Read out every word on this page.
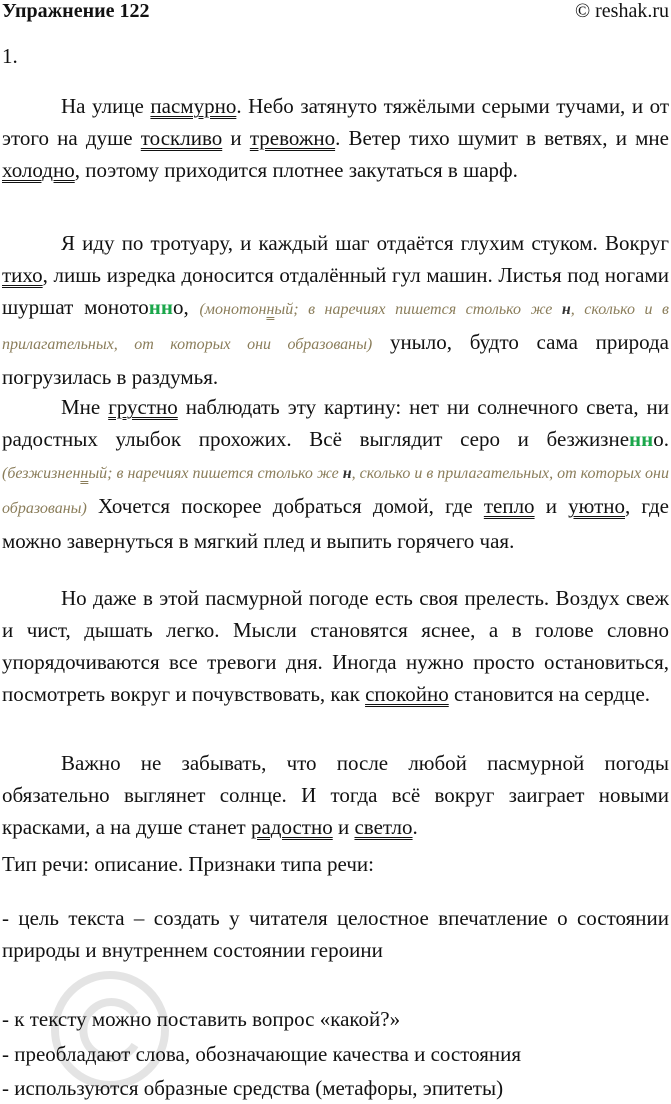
Упражнение 122	© reshak.ru
1.

На улице пасмурно. Небо затянуто тяжёлыми серыми тучами, и от этого на душе тоскливо и тревожно. Ветер тихо шумит в ветвях, и мне холодно, поэтому приходится плотнее закутаться в шарф.

Я иду по тротуару, и каждый шаг отдаётся глухим стуком. Вокруг тихо, лишь изредка доносится отдалённый гул машин. Листья под ногами шуршат монотонно, (монотонный; в наречиях пишется столько же н, сколько и в прилагательных, от которых они образованы) уныло, будто сама природа погрузилась в раздумья.

Мне грустно наблюдать эту картину: нет ни солнечного света, ни радостных улыбок прохожих. Всё выглядит серо и безжизненно. (безжизненный; в наречиях пишется столько же н, сколько и в прилагательных, от которых они образованы) Хочется поскорее добраться домой, где тепло и уютно, где можно завернуться в мягкий плед и выпить горячего чая.

Но даже в этой пасмурной погоде есть своя прелесть. Воздух свеж и чист, дышать легко. Мысли становятся яснее, а в голове словно упорядочиваются все тревоги дня. Иногда нужно просто остановиться, посмотреть вокруг и почувствовать, как спокойно становится на сердце.

Важно не забывать, что после любой пасмурной погоды обязательно выглянет солнце. И тогда всё вокруг заиграет новыми красками, а на душе станет радостно и светло.

Тип речи: описание. Признаки типа речи:

- цель текста – создать у читателя целостное впечатление о состоянии природы и внутреннем состоянии героини

- к тексту можно поставить вопрос «какой?»

- преобладают слова, обозначающие качества и состояния

- используются образные средства (метафоры, эпитеты)
